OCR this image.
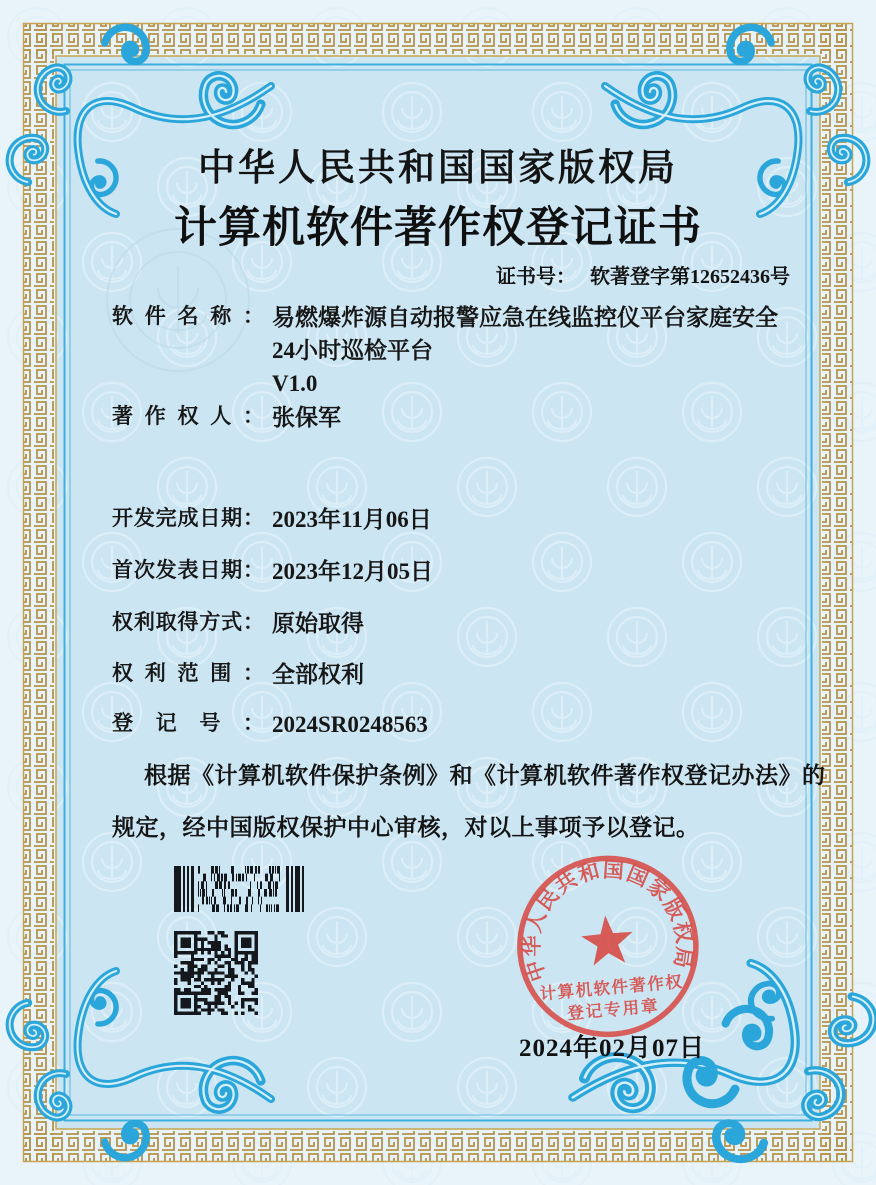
中华人民共和国国家版权局
计算机软件著作权登记证书
证书号： 软著登字第12652436号
软件名称： 易燃爆炸源自动报警应急在线监控仪平台家庭安全
24小时巡检平台
V1.0
著作权人： 张保军
开发完成日期： 2023年11月06日
首次发表日期： 2023年12月05日
权利取得方式： 原始取得
权利范围： 全部权利
登记号： 2024SR0248563
根据《计算机软件保护条例》和《计算机软件著作权登记办法》的
规定，经中国版权保护中心审核，对以上事项予以登记。
中华人民共和国国家版权局
计算机软件著作权
登记专用章
2024年02月07日
